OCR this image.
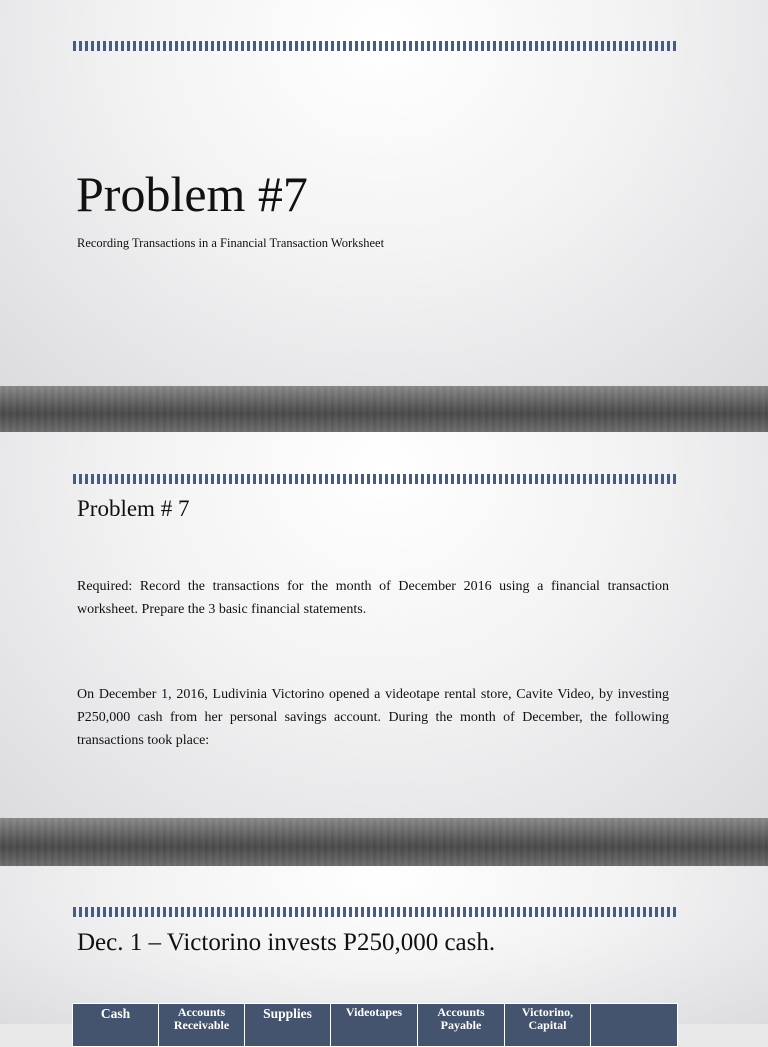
Problem #7

Recording Transactions in a Financial Transaction Worksheet

Problem # 7

Required: Record the transactions for the month of December 2016 using a financial transaction worksheet. Prepare the 3 basic financial statements.

On December 1, 2016, Ludivinia Victorino opened a videotape rental store, Cavite Video, by investing P250,000 cash from her personal savings account. During the month of December, the following transactions took place:

Dec. 1 – Victorino invests P250,000 cash.
Cash	Accounts Receivable	Supplies	Videotapes	Accounts Payable	Victorino, Capital	
